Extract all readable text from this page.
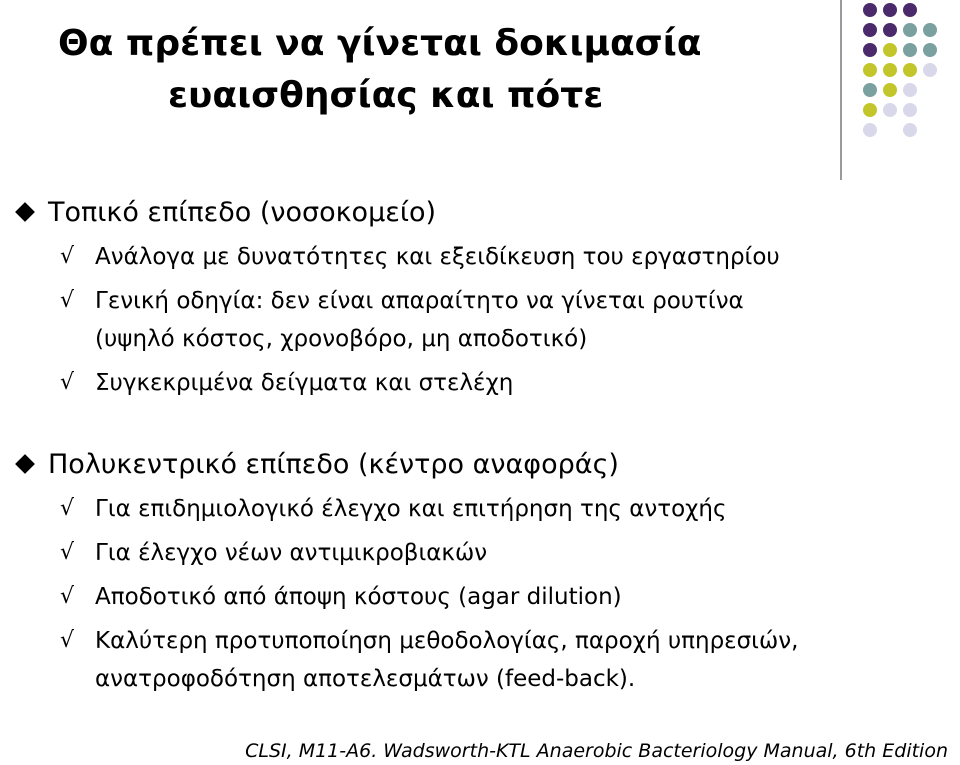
Θα πρέπει να γίνεται δοκιμασία
ευαισθησίας και πότε
Τοπικό επίπεδο (νοσοκομείο)
√ Ανάλογα με δυνατότητες και εξειδίκευση του εργαστηρίου
√ Γενική οδηγία: δεν είναι απαραίτητο να γίνεται ρουτίνα
(υψηλό κόστος, χρονοβόρο, μη αποδοτικό)
√ Συγκεκριμένα δείγματα και στελέχη
Πολυκεντρικό επίπεδο (κέντρο αναφοράς)
√ Για επιδημιολογικό έλεγχο και επιτήρηση της αντοχής
√ Για έλεγχο νέων αντιμικροβιακών
√ Αποδοτικό από άποψη κόστους (agar dilution)
√ Καλύτερη προτυποποίηση μεθοδολογίας, παροχή υπηρεσιών,
ανατροφοδότηση αποτελεσμάτων (feed-back).
CLSI, M11-A6. Wadsworth-KTL Anaerobic Bacteriology Manual, 6th Edition
